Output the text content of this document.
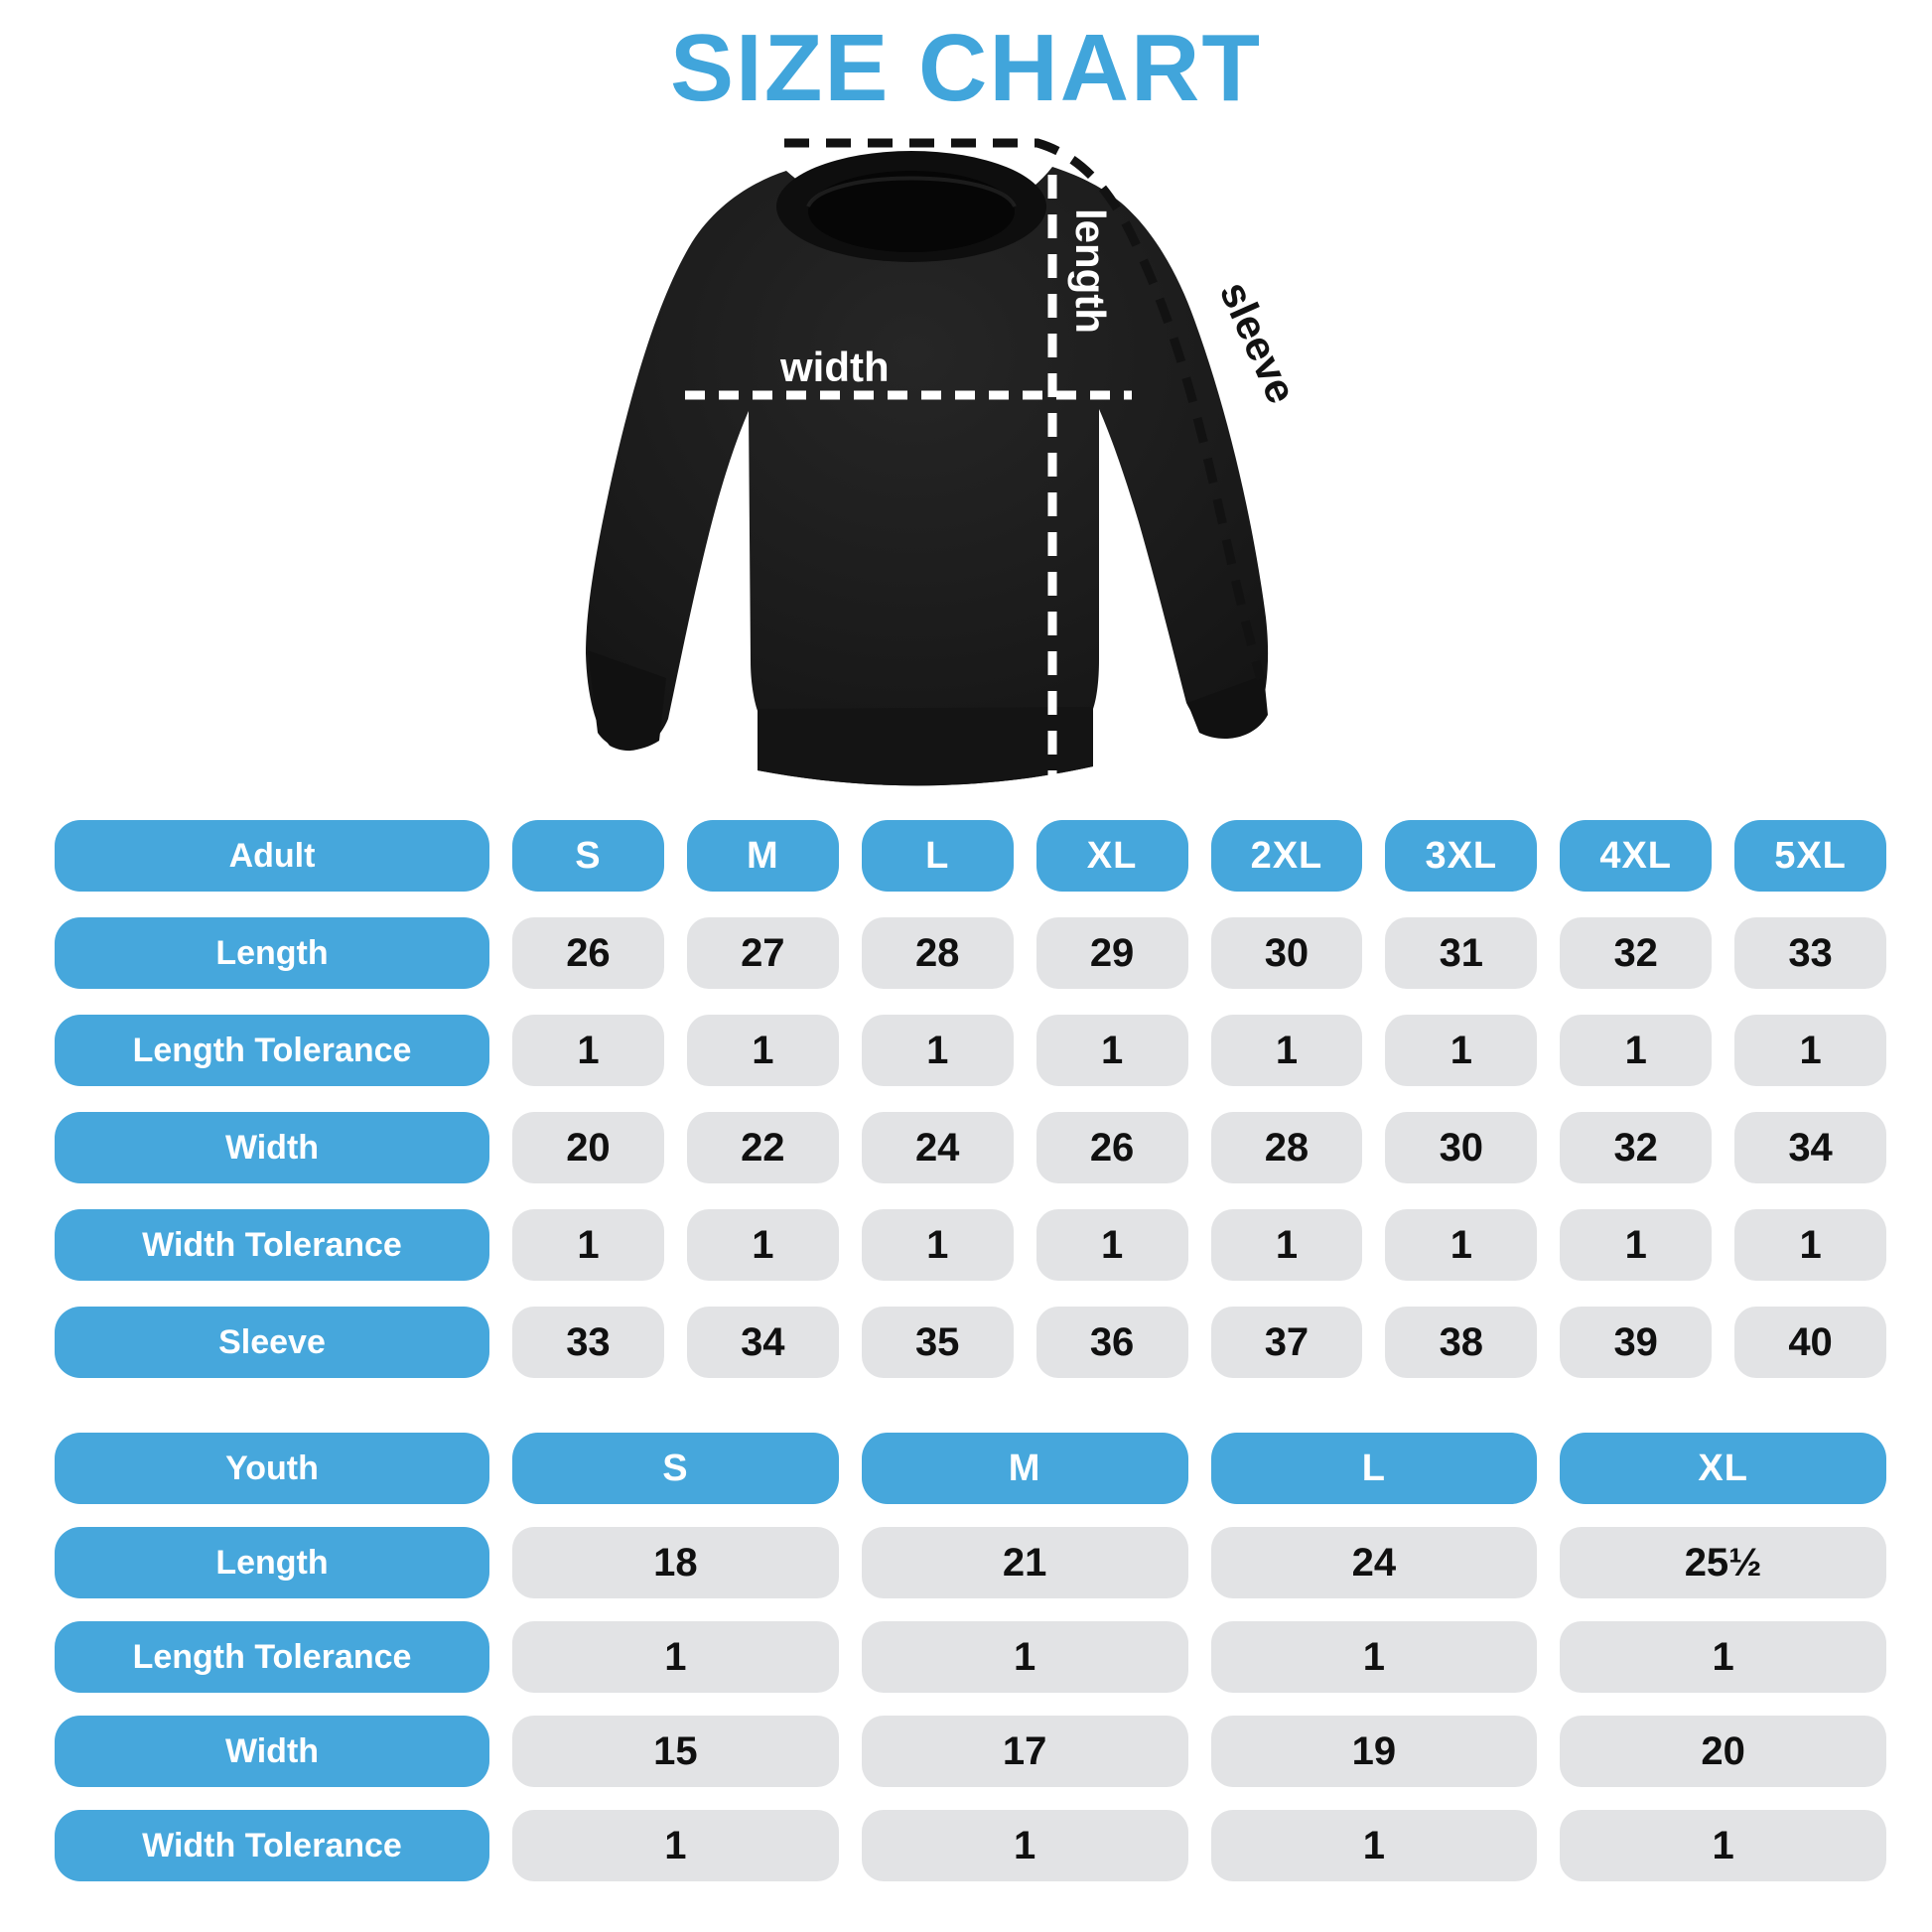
SIZE CHART
width
length
sleeve
Adult	S	M	L	XL	2XL	3XL	4XL	5XL
Length	26	27	28	29	30	31	32	33
Length Tolerance	1	1	1	1	1	1	1	1
Width	20	22	24	26	28	30	32	34
Width Tolerance	1	1	1	1	1	1	1	1
Sleeve	33	34	35	36	37	38	39	40
Youth	S	M	L	XL
Length	18	21	24	25½
Length Tolerance	1	1	1	1
Width	15	17	19	20
Width Tolerance	1	1	1	1
